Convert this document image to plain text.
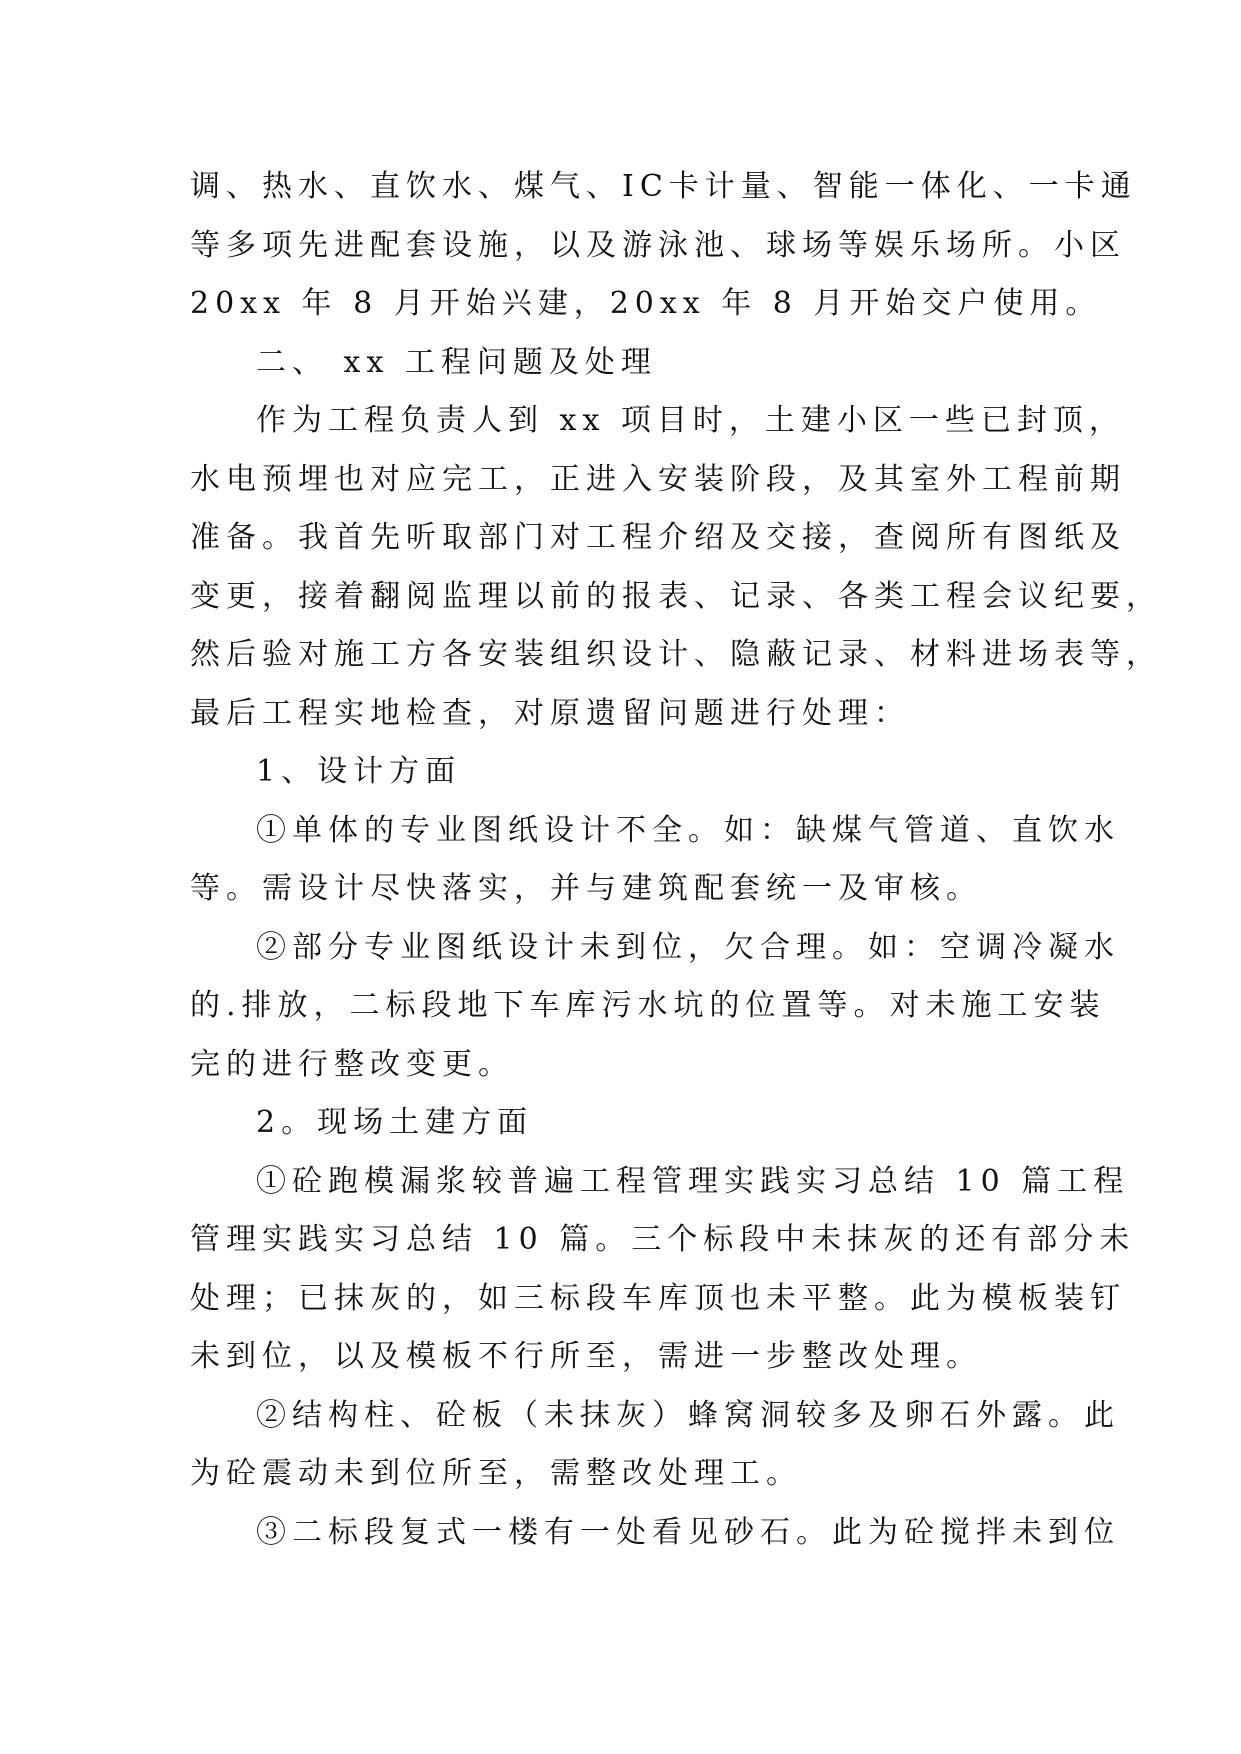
调、热水、直饮水、煤气、IC卡计量、智能一体化、一卡通
等多项先进配套设施，以及游泳池、球场等娱乐场所。小区
20xx 年 8 月开始兴建，20xx 年 8 月开始交户使用。
二、 xx 工程问题及处理
作为工程负责人到 xx 项目时，土建小区一些已封顶，
水电预埋也对应完工，正进入安装阶段，及其室外工程前期
准备。我首先听取部门对工程介绍及交接，查阅所有图纸及
变更，接着翻阅监理以前的报表、记录、各类工程会议纪要，
然后验对施工方各安装组织设计、隐蔽记录、材料进场表等，
最后工程实地检查，对原遗留问题进行处理：
1、设计方面
①单体的专业图纸设计不全。如：缺煤气管道、直饮水
等。需设计尽快落实，并与建筑配套统一及审核。
②部分专业图纸设计未到位，欠合理。如：空调冷凝水
的.排放，二标段地下车库污水坑的位置等。对未施工安装
完的进行整改变更。
2。现场土建方面
①砼跑模漏浆较普遍工程管理实践实习总结 10 篇工程
管理实践实习总结 10 篇。三个标段中未抹灰的还有部分未
处理；已抹灰的，如三标段车库顶也未平整。此为模板装钉
未到位，以及模板不行所至，需进一步整改处理。
②结构柱、砼板（未抹灰）蜂窝洞较多及卵石外露。此
为砼震动未到位所至，需整改处理工。
③二标段复式一楼有一处看见砂石。此为砼搅拌未到位
